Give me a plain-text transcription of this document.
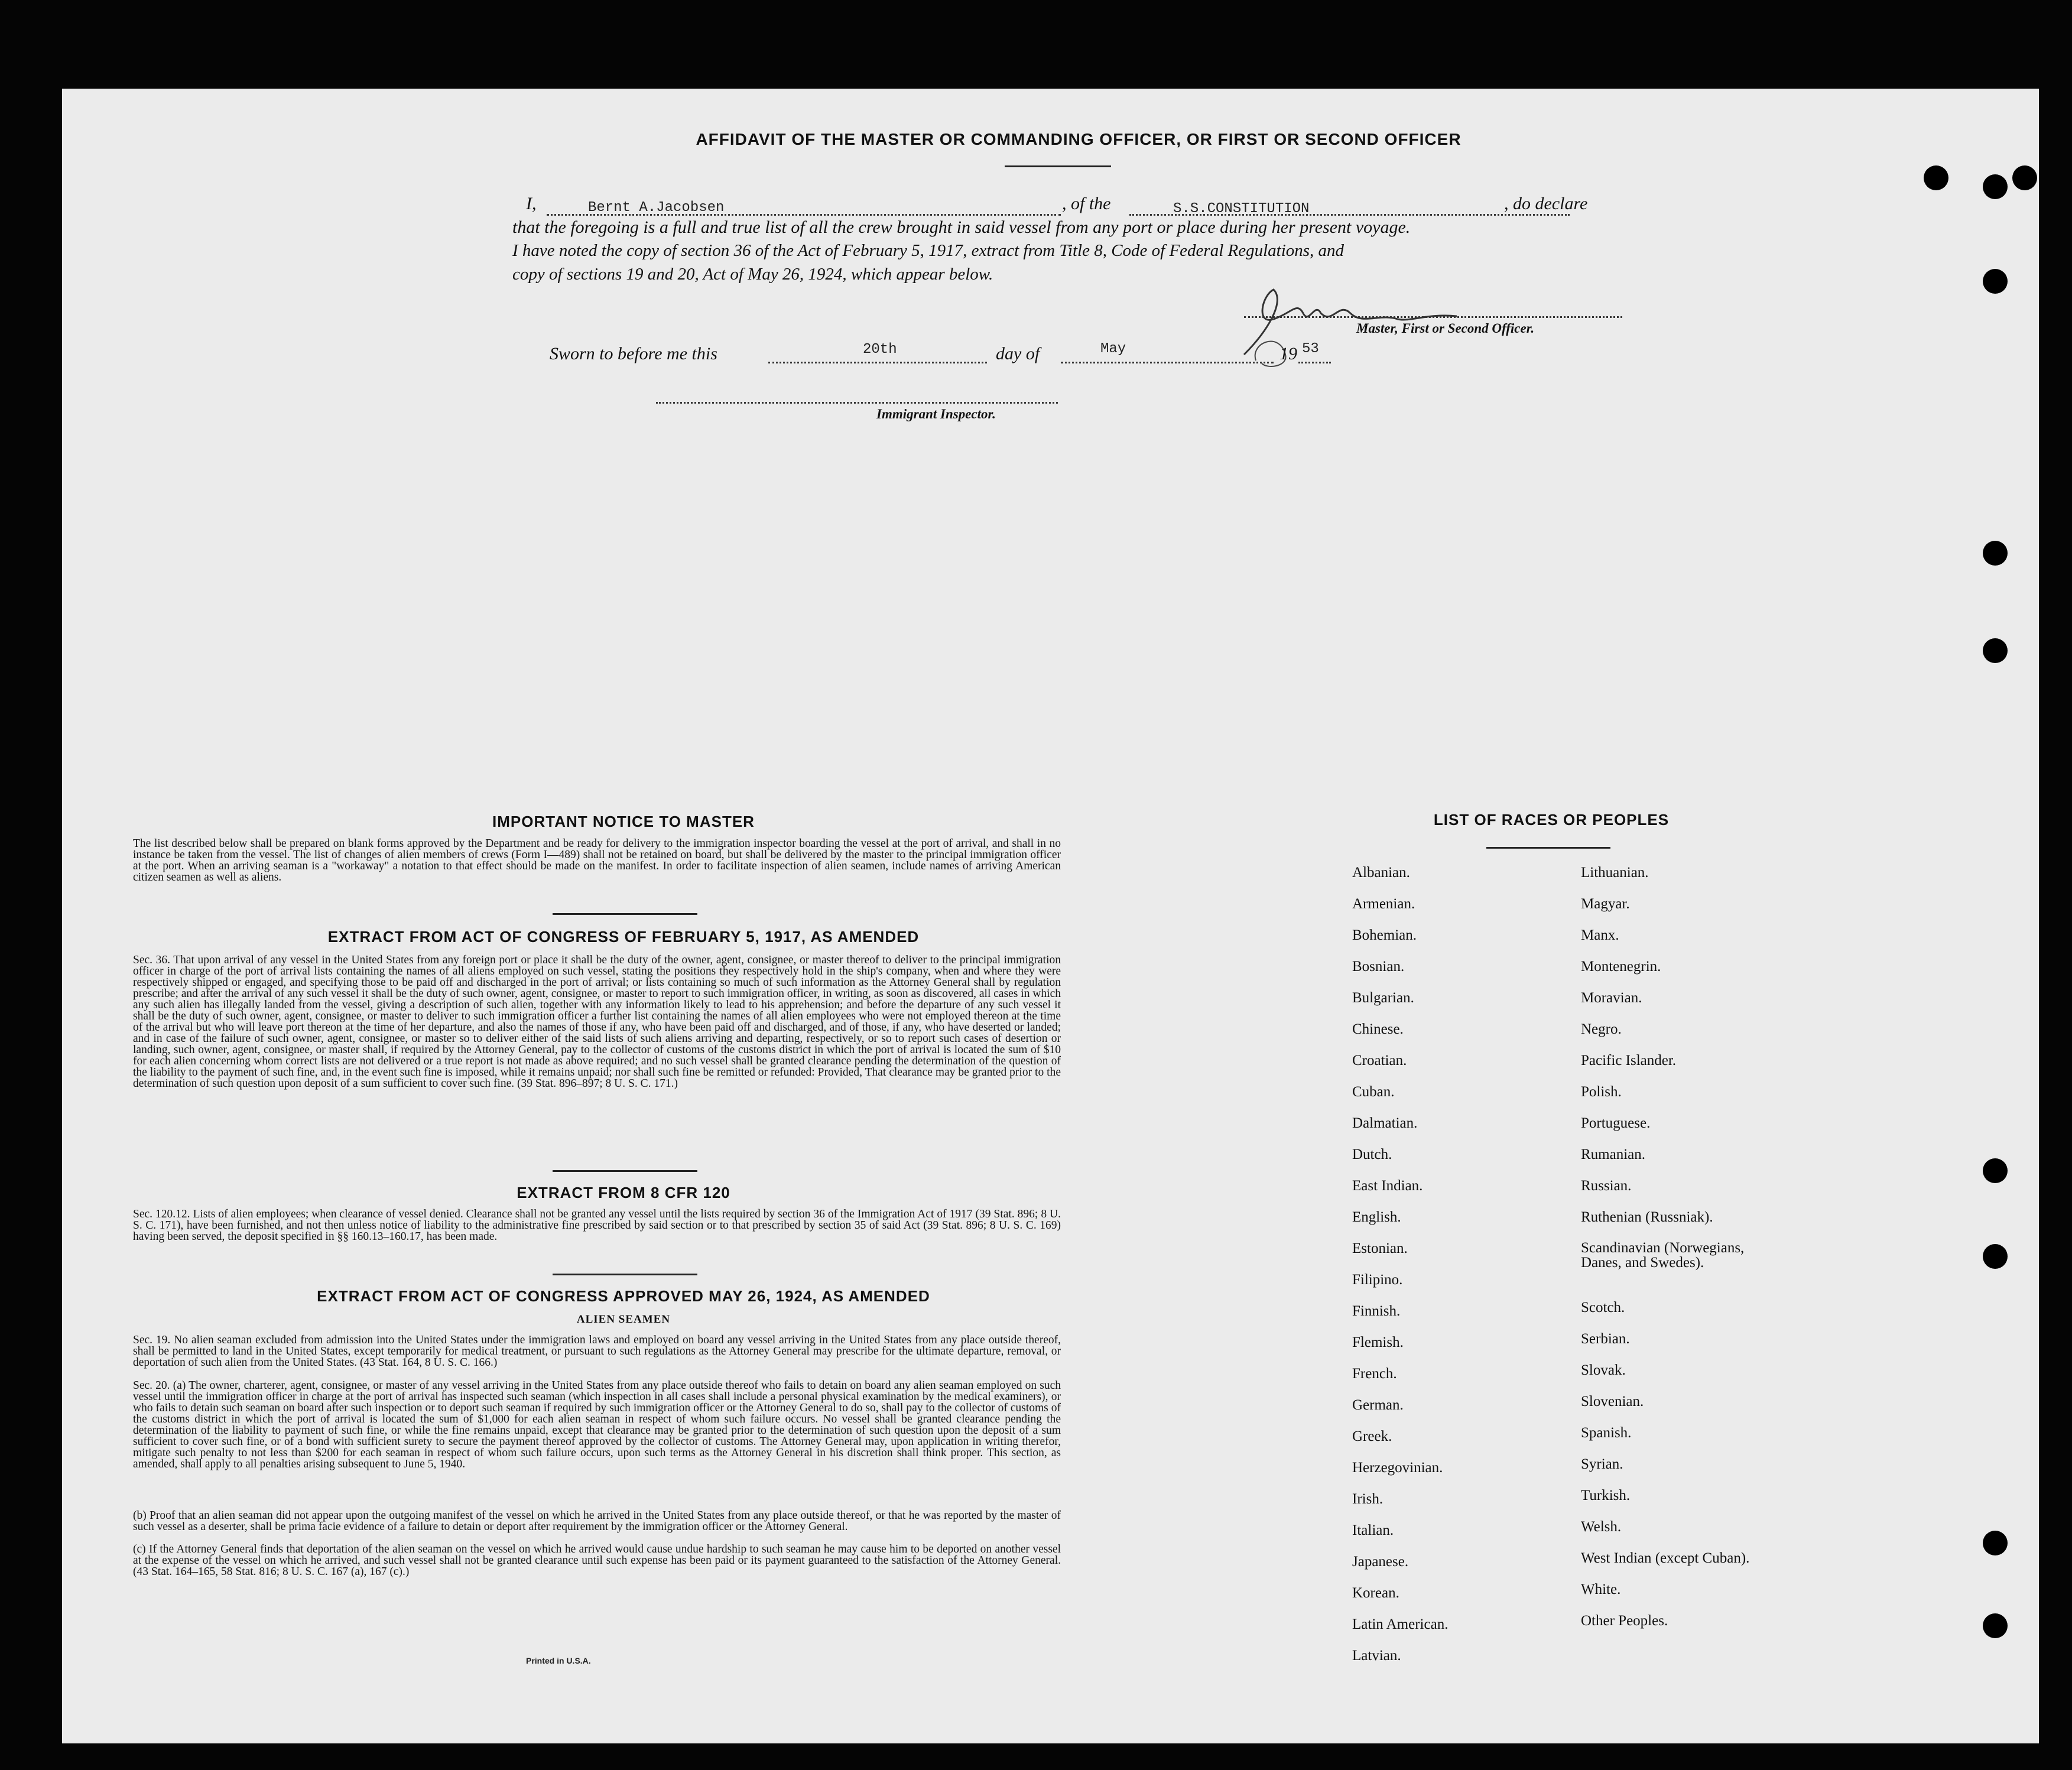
AFFIDAVIT OF THE MASTER OR COMMANDING OFFICER, OR FIRST OR SECOND OFFICER
I,	Bernt A.Jacobsen	, of the	S.S.CONSTITUTION	, do declare
that the foregoing is a full and true list of all the crew brought in said vessel from any port or place during her present voyage.
I have noted the copy of section 36 of the Act of February 5, 1917, extract from Title 8, Code of Federal Regulations, and
copy of sections 19 and 20, Act of May 26, 1924, which appear below.
Master, First or Second Officer.
Sworn to before me this	20th	day of	May	19 53
Immigrant Inspector.
IMPORTANT NOTICE TO MASTER

The list described below shall be prepared on blank forms approved by the Department and be ready for delivery to the immigration inspector boarding the vessel at the port of arrival, and shall in no instance be taken from the vessel. The list of changes of alien members of crews (Form I—489) shall not be retained on board, but shall be delivered by the master to the principal immigration officer at the port. When an arriving seaman is a "workaway" a notation to that effect should be made on the manifest. In order to facilitate inspection of alien seamen, include names of arriving American citizen seamen as well as aliens.

EXTRACT FROM ACT OF CONGRESS OF FEBRUARY 5, 1917, AS AMENDED

Sec. 36. That upon arrival of any vessel in the United States from any foreign port or place it shall be the duty of the owner, agent, consignee, or master thereof to deliver to the principal immigration officer in charge of the port of arrival lists containing the names of all aliens employed on such vessel, stating the positions they respectively hold in the ship's company, when and where they were respectively shipped or engaged, and specifying those to be paid off and discharged in the port of arrival; or lists containing so much of such information as the Attorney General shall by regulation prescribe; and after the arrival of any such vessel it shall be the duty of such owner, agent, consignee, or master to report to such immigration officer, in writing, as soon as discovered, all cases in which any such alien has illegally landed from the vessel, giving a description of such alien, together with any information likely to lead to his apprehension; and before the departure of any such vessel it shall be the duty of such owner, agent, consignee, or master to deliver to such immigration officer a further list containing the names of all alien employees who were not employed thereon at the time of the arrival but who will leave port thereon at the time of her departure, and also the names of those if any, who have been paid off and discharged, and of those, if any, who have deserted or landed; and in case of the failure of such owner, agent, consignee, or master so to deliver either of the said lists of such aliens arriving and departing, respectively, or so to report such cases of desertion or landing, such owner, agent, consignee, or master shall, if required by the Attorney General, pay to the collector of customs of the customs district in which the port of arrival is located the sum of $10 for each alien concerning whom correct lists are not delivered or a true report is not made as above required; and no such vessel shall be granted clearance pending the determination of the question of the liability to the payment of such fine, and, in the event such fine is imposed, while it remains unpaid; nor shall such fine be remitted or refunded: Provided, That clearance may be granted prior to the determination of such question upon deposit of a sum sufficient to cover such fine. (39 Stat. 896–897; 8 U. S. C. 171.)

EXTRACT FROM 8 CFR 120

Sec. 120.12. Lists of alien employees; when clearance of vessel denied. Clearance shall not be granted any vessel until the lists required by section 36 of the Immigration Act of 1917 (39 Stat. 896; 8 U. S. C. 171), have been furnished, and not then unless notice of liability to the administrative fine prescribed by said section or to that prescribed by section 35 of said Act (39 Stat. 896; 8 U. S. C. 169) having been served, the deposit specified in §§ 160.13–160.17, has been made.

EXTRACT FROM ACT OF CONGRESS APPROVED MAY 26, 1924, AS AMENDED
ALIEN SEAMEN

Sec. 19. No alien seaman excluded from admission into the United States under the immigration laws and employed on board any vessel arriving in the United States from any place outside thereof, shall be permitted to land in the United States, except temporarily for medical treatment, or pursuant to such regulations as the Attorney General may prescribe for the ultimate departure, removal, or deportation of such alien from the United States. (43 Stat. 164, 8 U. S. C. 166.)

Sec. 20. (a) The owner, charterer, agent, consignee, or master of any vessel arriving in the United States from any place outside thereof who fails to detain on board any alien seaman employed on such vessel until the immigration officer in charge at the port of arrival has inspected such seaman (which inspection in all cases shall include a personal physical examination by the medical examiners), or who fails to detain such seaman on board after such inspection or to deport such seaman if required by such immigration officer or the Attorney General to do so, shall pay to the collector of customs of the customs district in which the port of arrival is located the sum of $1,000 for each alien seaman in respect of whom such failure occurs. No vessel shall be granted clearance pending the determination of the liability to payment of such fine, or while the fine remains unpaid, except that clearance may be granted prior to the determination of such question upon the deposit of a sum sufficient to cover such fine, or of a bond with sufficient surety to secure the payment thereof approved by the collector of customs. The Attorney General may, upon application in writing therefor, mitigate such penalty to not less than $200 for each seaman in respect of whom such failure occurs, upon such terms as the Attorney General in his discretion shall think proper. This section, as amended, shall apply to all penalties arising subsequent to June 5, 1940.

(b) Proof that an alien seaman did not appear upon the outgoing manifest of the vessel on which he arrived in the United States from any place outside thereof, or that he was reported by the master of such vessel as a deserter, shall be prima facie evidence of a failure to detain or deport after requirement by the immigration officer or the Attorney General.

(c) If the Attorney General finds that deportation of the alien seaman on the vessel on which he arrived would cause undue hardship to such seaman he may cause him to be deported on another vessel at the expense of the vessel on which he arrived, and such vessel shall not be granted clearance until such expense has been paid or its payment guaranteed to the satisfaction of the Attorney General. (43 Stat. 164–165, 58 Stat. 816; 8 U. S. C. 167 (a), 167 (c).)

Printed in U.S.A.
LIST OF RACES OR PEOPLES
Albanian.
Armenian.
Bohemian.
Bosnian.
Bulgarian.
Chinese.
Croatian.
Cuban.
Dalmatian.
Dutch.
East Indian.
English.
Estonian.
Filipino.
Finnish.
Flemish.
French.
German.
Greek.
Herzegovinian.
Irish.
Italian.
Japanese.
Korean.
Latin American.
Latvian.
Lithuanian.
Magyar.
Manx.
Montenegrin.
Moravian.
Negro.
Pacific Islander.
Polish.
Portuguese.
Rumanian.
Russian.
Ruthenian (Russniak).
Scandinavian (Norwegians, Danes, and Swedes).
Scotch.
Serbian.
Slovak.
Slovenian.
Spanish.
Syrian.
Turkish.
Welsh.
West Indian (except Cuban).
White.
Other Peoples.
